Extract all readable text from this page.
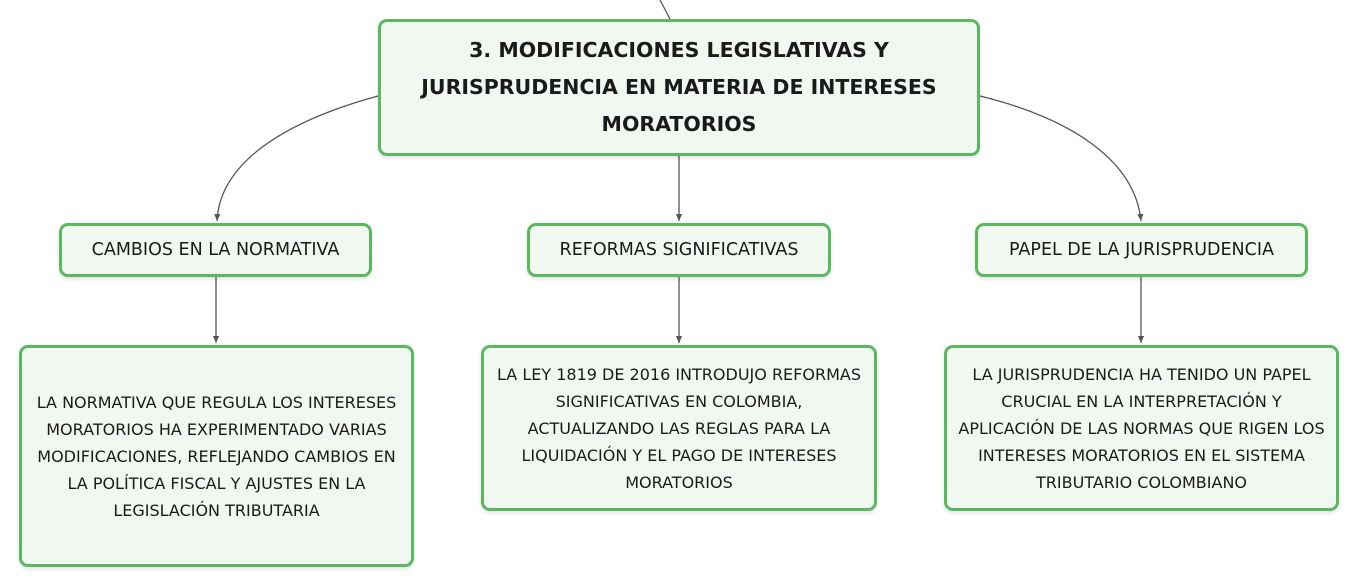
3. MODIFICACIONES LEGISLATIVAS Y JURISPRUDENCIA EN MATERIA DE INTERESES MORATORIOS
CAMBIOS EN LA NORMATIVA	REFORMAS SIGNIFICATIVAS	PAPEL DE LA JURISPRUDENCIA
LA NORMATIVA QUE REGULA LOS INTERESES MORATORIOS HA EXPERIMENTADO VARIAS MODIFICACIONES, REFLEJANDO CAMBIOS EN LA POLÍTICA FISCAL Y AJUSTES EN LA LEGISLACIÓN TRIBUTARIA
LA LEY 1819 DE 2016 INTRODUJO REFORMAS SIGNIFICATIVAS EN COLOMBIA, ACTUALIZANDO LAS REGLAS PARA LA LIQUIDACIÓN Y EL PAGO DE INTERESES MORATORIOS
LA JURISPRUDENCIA HA TENIDO UN PAPEL CRUCIAL EN LA INTERPRETACIÓN Y APLICACIÓN DE LAS NORMAS QUE RIGEN LOS INTERESES MORATORIOS EN EL SISTEMA TRIBUTARIO COLOMBIANO
